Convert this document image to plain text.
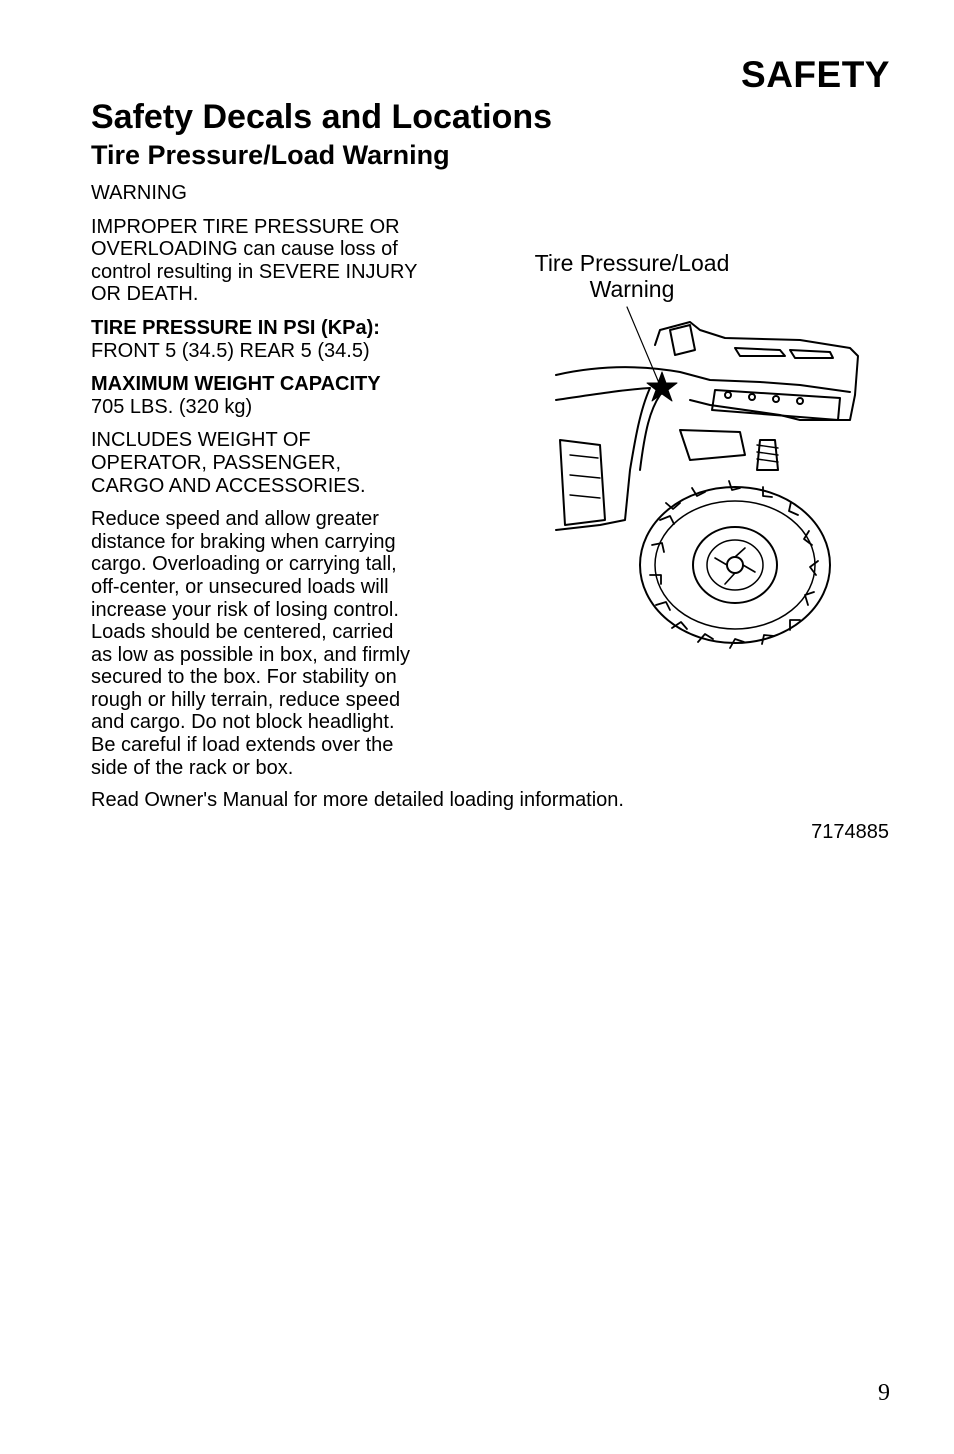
SAFETY
Safety Decals and Locations
Tire Pressure/Load Warning

WARNING

IMPROPER TIRE PRESSURE OR
OVERLOADING can cause loss of
control resulting in SEVERE INJURY
OR DEATH.

TIRE PRESSURE IN PSI (KPa):
FRONT 5 (34.5) REAR 5 (34.5)

MAXIMUM WEIGHT CAPACITY
705 LBS. (320 kg)

INCLUDES WEIGHT OF
OPERATOR, PASSENGER,
CARGO AND ACCESSORIES.

Reduce speed and allow greater
distance for braking when carrying
cargo. Overloading or carrying tall,
off-center, or unsecured loads will
increase your risk of losing control.
Loads should be centered, carried
as low as possible in box, and firmly
secured to the box. For stability on
rough or hilly terrain, reduce speed
and cargo. Do not block headlight.
Be careful if load extends over the
side of the rack or box.

Read Owner's Manual for more detailed loading information.
7174885
Tire Pressure/Load
Warning
9
